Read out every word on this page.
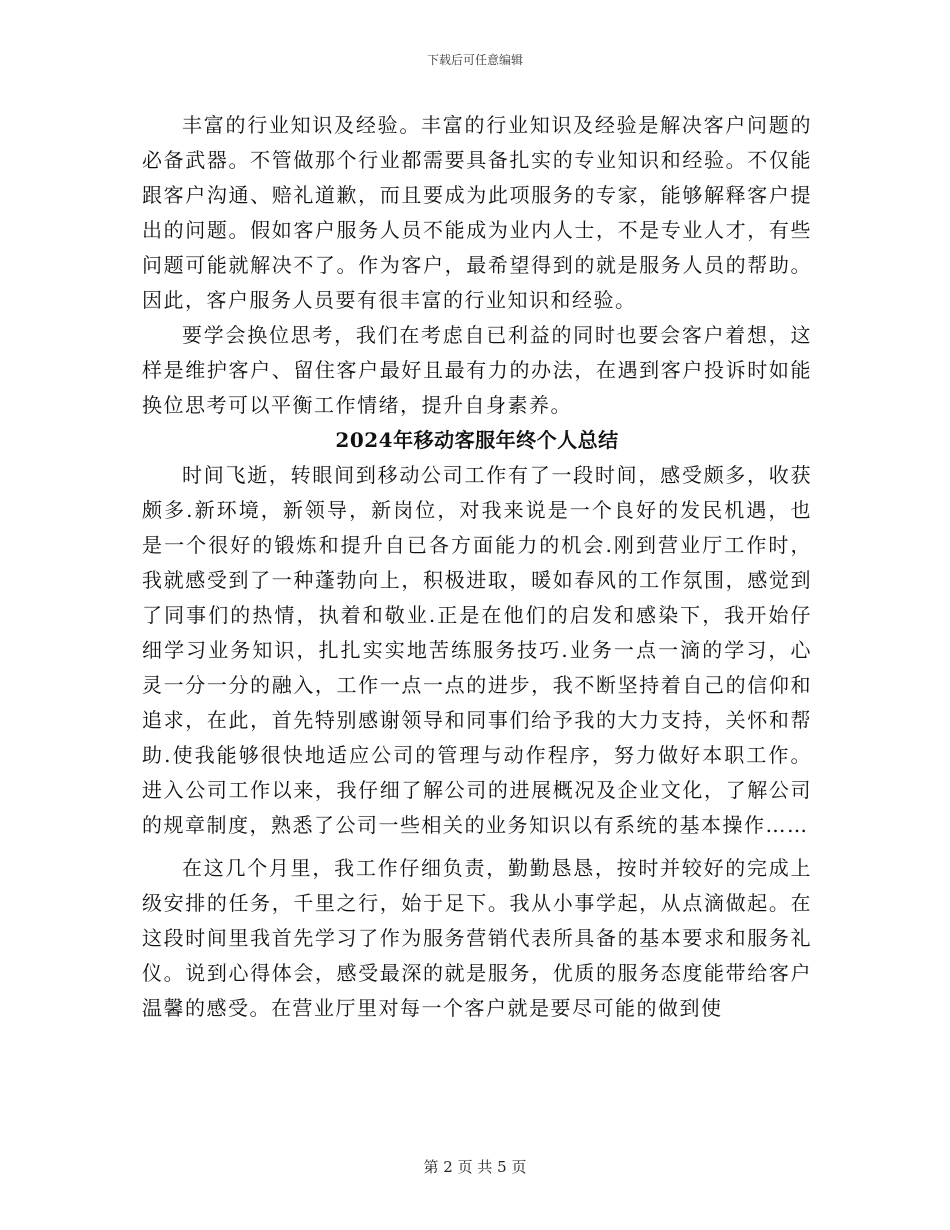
下载后可任意编辑

丰富的行业知识及经验。丰富的行业知识及经验是解决客户问题的必备武器。不管做那个行业都需要具备扎实的专业知识和经验。不仅能跟客户沟通、赔礼道歉，而且要成为此项服务的专家，能够解释客户提出的问题。假如客户服务人员不能成为业内人士，不是专业人才，有些问题可能就解决不了。作为客户，最希望得到的就是服务人员的帮助。因此，客户服务人员要有很丰富的行业知识和经验。

要学会换位思考，我们在考虑自已利益的同时也要会客户着想，这样是维护客户、留住客户最好且最有力的办法，在遇到客户投诉时如能换位思考可以平衡工作情绪，提升自身素养。

2024年移动客服年终个人总结

时间飞逝，转眼间到移动公司工作有了一段时间，感受颇多，收获颇多.新环境，新领导，新岗位，对我来说是一个良好的发民机遇，也是一个很好的锻炼和提升自已各方面能力的机会.刚到营业厅工作时，我就感受到了一种蓬勃向上，积极进取，暖如春风的工作氛围，感觉到了同事们的热情，执着和敬业.正是在他们的启发和感染下，我开始仔细学习业务知识，扎扎实实地苦练服务技巧.业务一点一滴的学习，心灵一分一分的融入，工作一点一点的进步，我不断坚持着自己的信仰和追求，在此，首先特别感谢领导和同事们给予我的大力支持，关怀和帮助.使我能够很快地适应公司的管理与动作程序，努力做好本职工作。进入公司工作以来，我仔细了解公司的进展概况及企业文化，了解公司的规章制度，熟悉了公司一些相关的业务知识以有系统的基本操作……

在这几个月里，我工作仔细负责，勤勤恳恳，按时并较好的完成上级安排的任务，千里之行，始于足下。我从小事学起，从点滴做起。在这段时间里我首先学习了作为服务营销代表所具备的基本要求和服务礼仪。说到心得体会，感受最深的就是服务，优质的服务态度能带给客户温馨的感受。在营业厅里对每一个客户就是要尽可能的做到使

第 2 页 共 5 页
